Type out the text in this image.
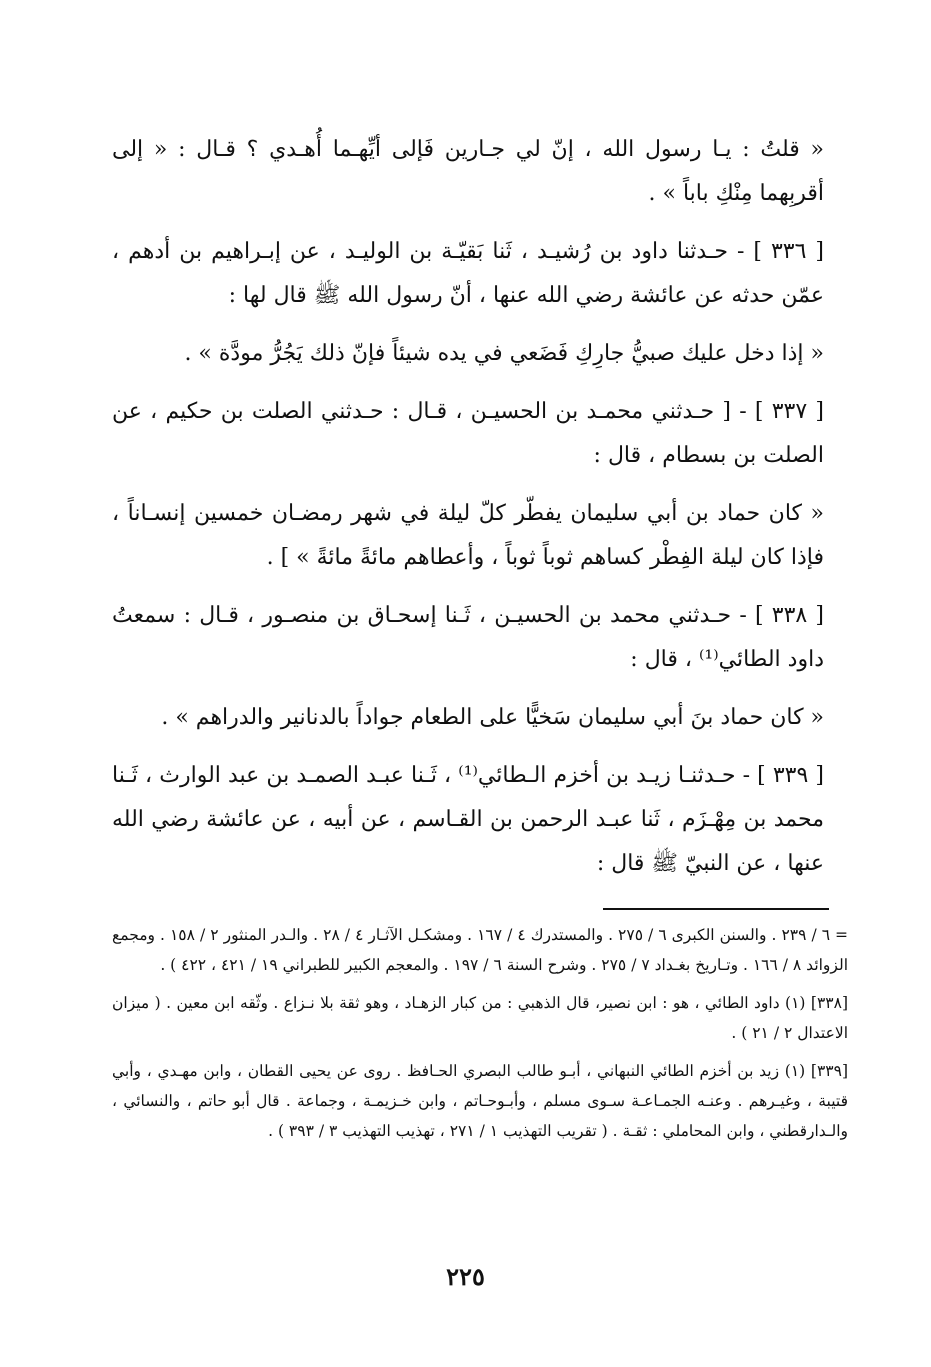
« قلتُ : يـا رسول الله ، إنّ لي جـارين فَإلى أيِّهـما أُهـدي ؟ قـال : « إلى أقربِهما مِنْكِ باباً » .

[ ٣٣٦ ] - حـدثنا داود بن رُشيـد ، ثَنا بَقيّـة بن الوليـد ، عن إبـراهيم بن أدهم ، عمّن حدثه عن عائشة رضي الله عنها ، أنّ رسول الله ﷺ قال لها :

« إذا دخل عليك صبيُّ جارِكِ فَضَعي في يده شيئاً فإنّ ذلك يَجُرُّ مودَّة » .

[ ٣٣٧ ] - [ حـدثني محمـد بن الحسيـن ، قـال : حـدثني الصلت بن حكيم ، عن الصلت بن بسطام ، قال :

« كان حماد بن أبي سليمان يفطّر كلّ ليلة في شهر رمضـان خمسين إنسـاناً ، فإذا كان ليلة الفِطْر كساهم ثوباً ثوباً ، وأعطاهم مائةً مائةً » ] .

[ ٣٣٨ ] - حـدثني محمد بن الحسيـن ، ثَـنا إسحـاق بن منصـور ، قـال : سمعتُ داود الطائي⁽¹⁾ ، قال :

« كان حماد بنَ أبي سليمان سَخيًّا على الطعام جواداً بالدنانير والدراهم » .

[ ٣٣٩ ] - حـدثنـا زيـد بن أخزم الـطائي⁽¹⁾ ، ثَـنا عبـد الصمـد بن عبد الوارث ، ثَـنا محمد بن مِهْـزَم ، ثَنا عبـد الرحمن بن القـاسم ، عن أبيه ، عن عائشة رضي الله عنها ، عن النبيّ ﷺ قال :

= ٦ / ٢٣٩ . والسنن الكبرى ٦ / ٢٧٥ . والمستدرك ٤ / ١٦٧ . ومشكـل الآثـار ٤ / ٢٨ . والـدر المنثور ٢ / ١٥٨ . ومجمع الزوائد ٨ / ١٦٦ . وتـاريخ بغـداد ٧ / ٢٧٥ . وشرح السنة ٦ / ١٩٧ . والمعجم الكبير للطبراني ١٩ / ٤٢١ ، ٤٢٢ ) .

[٣٣٨] (١) داود الطائي ، هو : ابن نصير، قال الذهبي : من كبار الزهـاد ، وهو ثقة بلا نـزاع . وثّقه ابن معين . ( ميزان الاعتدال ٢ / ٢١ ) .

[٣٣٩] (١) زيد بن أخزم الطائي النبهاني ، أبـو طالب البصري الحـافظ . روى عن يحيى القطان ، وابن مهـدي ، وأبي قتيبة ، وغيـرهم . وعنـه الجمـاعـة سـوى مسلم ، وأبـوحـاتم ، وابن خـزيمـة ، وجماعة . قال أبو حاتم ، والنسائي ، والـدارقطني ، وابن المحاملي : ثقـة . ( تقريب التهذيب ١ / ٢٧١ ، تهذيب التهذيب ٣ / ٣٩٣ ) .

٢٢٥
